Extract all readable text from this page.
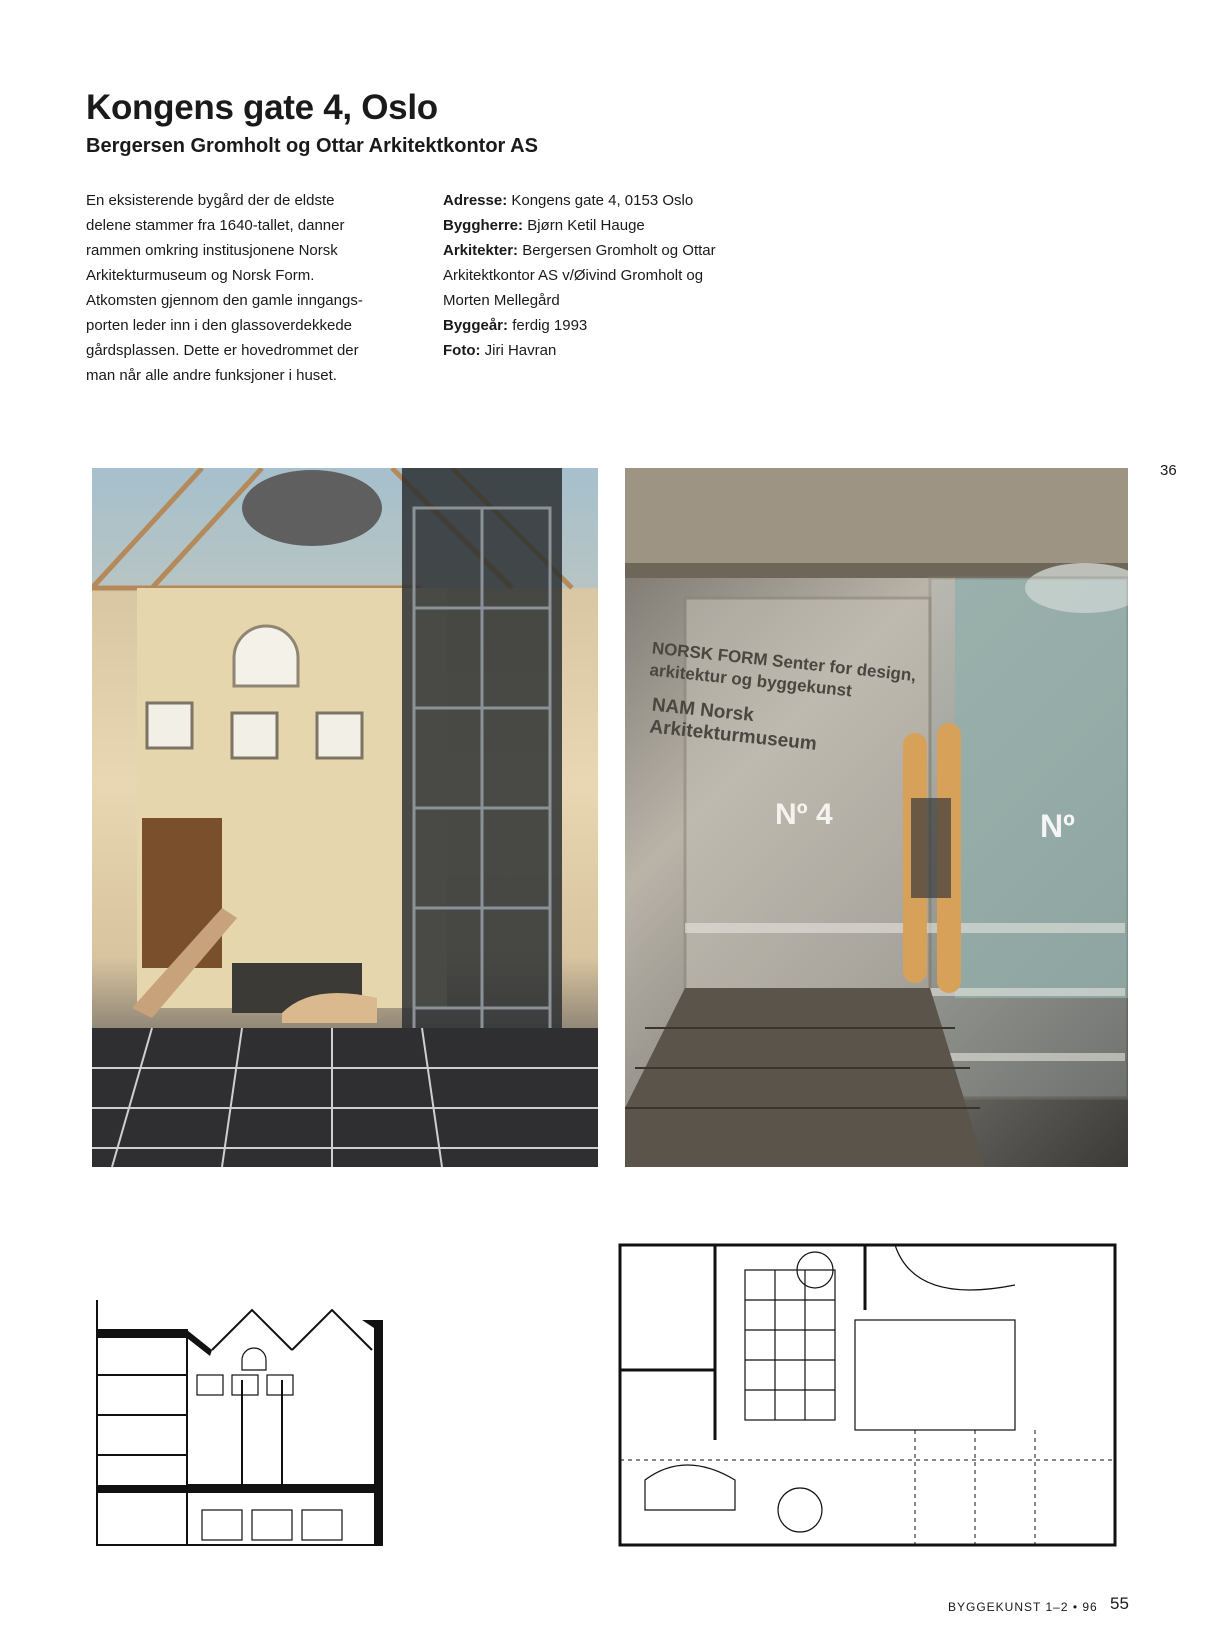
Kongens gate 4, Oslo
Bergersen Gromholt og Ottar Arkitektkontor AS

En eksisterende bygård der de eldste
delene stammer fra 1640-tallet, danner
rammen omkring institusjonene Norsk
Arkitekturmuseum og Norsk Form.
Atkomsten gjennom den gamle inngangs-
porten leder inn i den glassoverdekkede
gårdsplassen. Dette er hovedrommet der
man når alle andre funksjoner i huset.

Adresse: Kongens gate 4, 0153 Oslo
Byggherre: Bjørn Ketil Hauge
Arkitekter: Bergersen Gromholt og Ottar
Arkitektkontor AS v/Øivind Gromholt og
Morten Mellegård
Byggeår: ferdig 1993
Foto: Jiri Havran

36
NORSK FORM Senter for design, arkitektur og byggekunst
NAM Norsk Arkitekturmuseum
Nº 4	Nº
BYGGEKUNST 1–2 • 96 55
